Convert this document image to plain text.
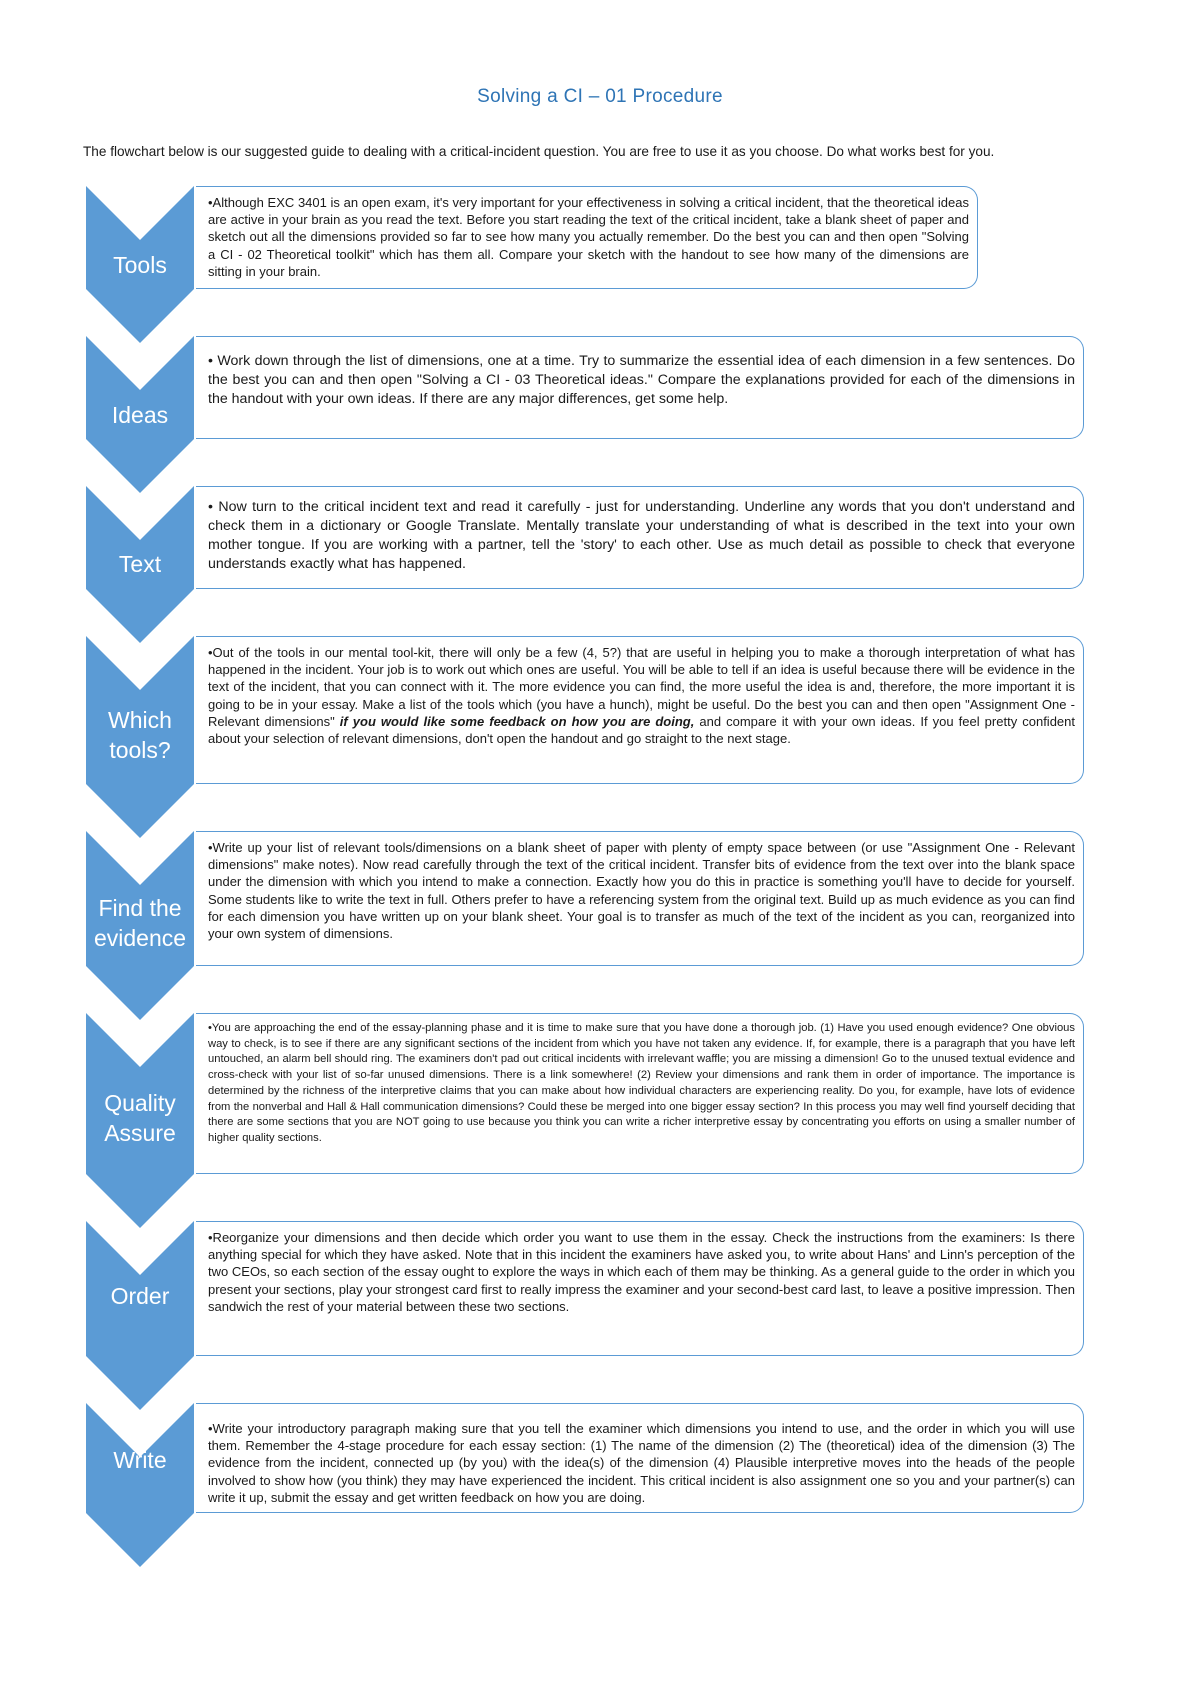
Solving a CI – 01 Procedure
The flowchart below is our suggested guide to dealing with a critical-incident question. You are free to use it as you choose. Do what works best for you.
•Although EXC 3401 is an open exam, it's very important for your effectiveness in solving a critical incident, that the theoretical ideas are active in your brain as you read the text. Before you start reading the text of the critical incident, take a blank sheet of paper and sketch out all the dimensions provided so far to see how many you actually remember. Do the best you can and then open "Solving a CI - 02 Theoretical toolkit" which has them all. Compare your sketch with the handout to see how many of the dimensions are sitting in your brain.
Tools
• Work down through the list of dimensions, one at a time. Try to summarize the essential idea of each dimension in a few sentences. Do the best you can and then open "Solving a CI - 03 Theoretical ideas." Compare the explanations provided for each of the dimensions in the handout with your own ideas. If there are any major differences, get some help.
Ideas
• Now turn to the critical incident text and read it carefully - just for understanding. Underline any words that you don't understand and check them in a dictionary or Google Translate. Mentally translate your understanding of what is described in the text into your own mother tongue. If you are working with a partner, tell the 'story' to each other. Use as much detail as possible to check that everyone understands exactly what has happened.
Text
•Out of the tools in our mental tool-kit, there will only be a few (4, 5?) that are useful in helping you to make a thorough interpretation of what has happened in the incident. Your job is to work out which ones are useful. You will be able to tell if an idea is useful because there will be evidence in the text of the incident, that you can connect with it. The more evidence you can find, the more useful the idea is and, therefore, the more important it is going to be in your essay. Make a list of the tools which (you have a hunch), might be useful. Do the best you can and then open "Assignment One - Relevant dimensions" if you would like some feedback on how you are doing, and compare it with your own ideas. If you feel pretty confident about your selection of relevant dimensions, don't open the handout and go straight to the next stage.
Which
tools?
•Write up your list of relevant tools/dimensions on a blank sheet of paper with plenty of empty space between (or use "Assignment One - Relevant dimensions" make notes). Now read carefully through the text of the critical incident. Transfer bits of evidence from the text over into the blank space under the dimension with which you intend to make a connection. Exactly how you do this in practice is something you'll have to decide for yourself. Some students like to write the text in full. Others prefer to have a referencing system from the original text. Build up as much evidence as you can find for each dimension you have written up on your blank sheet. Your goal is to transfer as much of the text of the incident as you can, reorganized into your own system of dimensions.
Find the
evidence
•You are approaching the end of the essay-planning phase and it is time to make sure that you have done a thorough job. (1) Have you used enough evidence? One obvious way to check, is to see if there are any significant sections of the incident from which you have not taken any evidence. If, for example, there is a paragraph that you have left untouched, an alarm bell should ring. The examiners don't pad out critical incidents with irrelevant waffle; you are missing a dimension! Go to the unused textual evidence and cross-check with your list of so-far unused dimensions. There is a link somewhere! (2) Review your dimensions and rank them in order of importance. The importance is determined by the richness of the interpretive claims that you can make about how individual characters are experiencing reality. Do you, for example, have lots of evidence from the nonverbal and Hall & Hall communication dimensions? Could these be merged into one bigger essay section? In this process you may well find yourself deciding that there are some sections that you are NOT going to use because you think you can write a richer interpretive essay by concentrating you efforts on using a smaller number of higher quality sections.
Quality
Assure
•Reorganize your dimensions and then decide which order you want to use them in the essay. Check the instructions from the examiners: Is there anything special for which they have asked. Note that in this incident the examiners have asked you, to write about Hans' and Linn's perception of the two CEOs, so each section of the essay ought to explore the ways in which each of them may be thinking. As a general guide to the order in which you present your sections, play your strongest card first to really impress the examiner and your second-best card last, to leave a positive impression. Then sandwich the rest of your material between these two sections.
Order
•Write your introductory paragraph making sure that you tell the examiner which dimensions you intend to use, and the order in which you will use them. Remember the 4-stage procedure for each essay section: (1) The name of the dimension (2) The (theoretical) idea of the dimension (3) The evidence from the incident, connected up (by you) with the idea(s) of the dimension (4) Plausible interpretive moves into the heads of the people involved to show how (you think) they may have experienced the incident. This critical incident is also assignment one so you and your partner(s) can write it up, submit the essay and get written feedback on how you are doing.
Write
